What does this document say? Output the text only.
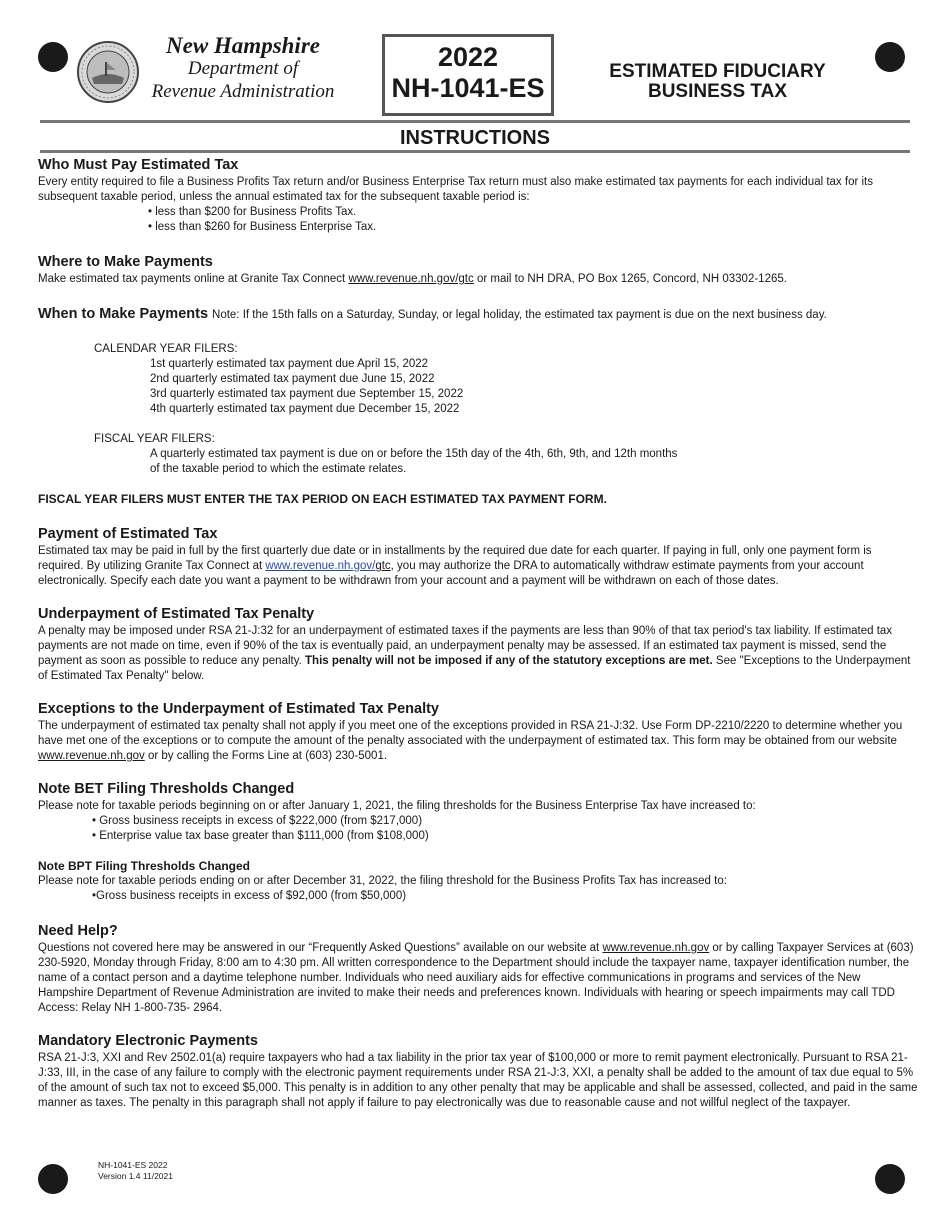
New Hampshire
Department of
Revenue Administration
2022
NH-1041-ES
ESTIMATED FIDUCIARY
BUSINESS TAX
INSTRUCTIONS
Who Must Pay Estimated Tax

Every entity required to file a Business Profits Tax return and/or Business Enterprise Tax return must also make estimated tax payments for each individual tax for its subsequent taxable period, unless the annual estimated tax for the subsequent taxable period is:

• less than $200 for Business Profits Tax.

• less than $260 for Business Enterprise Tax.

Where to Make Payments

Make estimated tax payments online at Granite Tax Connect www.revenue.nh.gov/gtc or mail to NH DRA, PO Box 1265, Concord, NH 03302-1265.

When to Make Payments Note: If the 15th falls on a Saturday, Sunday, or legal holiday, the estimated tax payment is due on the next business day.

CALENDAR YEAR FILERS:

1st quarterly estimated tax payment due April 15, 2022

2nd quarterly estimated tax payment due June 15, 2022

3rd quarterly estimated tax payment due September 15, 2022

4th quarterly estimated tax payment due December 15, 2022

FISCAL YEAR FILERS:

A quarterly estimated tax payment is due on or before the 15th day of the 4th, 6th, 9th, and 12th months

of the taxable period to which the estimate relates.

FISCAL YEAR FILERS MUST ENTER THE TAX PERIOD ON EACH ESTIMATED TAX PAYMENT FORM.

Payment of Estimated Tax

Estimated tax may be paid in full by the first quarterly due date or in installments by the required due date for each quarter. If paying in full, only one payment form is required. By utilizing Granite Tax Connect at www.revenue.nh.gov/gtc, you may authorize the DRA to automatically withdraw estimate payments from your account electronically. Specify each date you want a payment to be withdrawn from your account and a payment will be withdrawn on each of those dates.

Underpayment of Estimated Tax Penalty

A penalty may be imposed under RSA 21-J:32 for an underpayment of estimated taxes if the payments are less than 90% of that tax period's tax liability. If estimated tax payments are not made on time, even if 90% of the tax is eventually paid, an underpayment penalty may be assessed. If an estimated tax payment is missed, send the payment as soon as possible to reduce any penalty. This penalty will not be imposed if any of the statutory exceptions are met. See "Exceptions to the Underpayment of Estimated Tax Penalty" below.

Exceptions to the Underpayment of Estimated Tax Penalty

The underpayment of estimated tax penalty shall not apply if you meet one of the exceptions provided in RSA 21-J:32. Use Form DP-2210/2220 to determine whether you have met one of the exceptions or to compute the amount of the penalty associated with the underpayment of estimated tax. This form may be obtained from our website www.revenue.nh.gov or by calling the Forms Line at (603) 230-5001.

Note BET Filing Thresholds Changed

Please note for taxable periods beginning on or after January 1, 2021, the filing thresholds for the Business Enterprise Tax have increased to:

• Gross business receipts in excess of $222,000 (from $217,000)

• Enterprise value tax base greater than $111,000 (from $108,000)

Note BPT Filing Thresholds Changed

Please note for taxable periods ending on or after December 31, 2022, the filing threshold for the Business Profits Tax has increased to:

•Gross business receipts in excess of $92,000 (from $50,000)

Need Help?

Questions not covered here may be answered in our “Frequently Asked Questions” available on our website at www.revenue.nh.gov or by calling Taxpayer Services at (603) 230-5920, Monday through Friday, 8:00 am to 4:30 pm. All written correspondence to the Department should include the taxpayer name, taxpayer identification number, the name of a contact person and a daytime telephone number. Individuals who need auxiliary aids for effective communications in programs and services of the New Hampshire Department of Revenue Administration are invited to make their needs and preferences known. Individuals with hearing or speech impairments may call TDD Access: Relay NH 1-800-735- 2964.

Mandatory Electronic Payments

RSA 21-J:3, XXI and Rev 2502.01(a) require taxpayers who had a tax liability in the prior tax year of $100,000 or more to remit payment electronically. Pursuant to RSA 21-J:33, III, in the case of any failure to comply with the electronic payment requirements under RSA 21-J:3, XXI, a penalty shall be added to the amount of tax due equal to 5% of the amount of such tax not to exceed $5,000. This penalty is in addition to any other penalty that may be applicable and shall be assessed, collected, and paid in the same manner as taxes. The penalty in this paragraph shall not apply if failure to pay electronically was due to reasonable cause and not willful neglect of the taxpayer.

NH-1041-ES 2022
Version 1.4 11/2021
